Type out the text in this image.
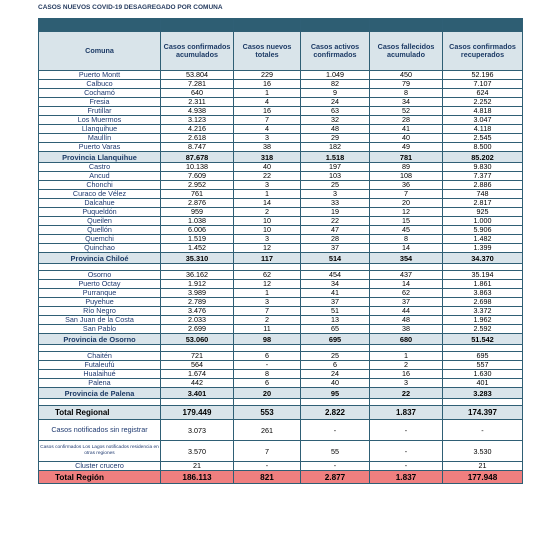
CASOS NUEVOS COVID-19 DESAGREGADO POR COMUNA

Comuna	Casos confirmados acumulados	Casos nuevos totales	Casos activos confirmados	Casos fallecidos acumulado	Casos confirmados recuperados
Puerto Montt	53.804	229	1.049	450	52.196
Calbuco	7.281	16	82	79	7.107
Cochamó	640	1	9	8	624
Fresia	2.311	4	24	34	2.252
Frutillar	4.938	16	63	52	4.818
Los Muermos	3.123	7	32	28	3.047
Llanquihue	4.216	4	48	41	4.118
Maullín	2.618	3	29	40	2.545
Puerto Varas	8.747	38	182	49	8.500
Provincia Llanquihue	87.678	318	1.518	781	85.202
Castro	10.138	40	197	89	9.830
Ancud	7.609	22	103	108	7.377
Chonchi	2.952	3	25	36	2.886
Curaco de Vélez	761	1	3	7	748
Dalcahue	2.876	14	33	20	2.817
Puqueldón	959	2	19	12	925
Queilen	1.038	10	22	15	1.000
Quellón	6.006	10	47	45	5.906
Quemchi	1.519	3	28	8	1.482
Quinchao	1.452	12	37	14	1.399
Provincia Chiloé	35.310	117	514	354	34.370

Osorno	36.162	62	454	437	35.194
Puerto Octay	1.912	12	34	14	1.861
Purranque	3.989	1	41	62	3.863
Puyehue	2.789	3	37	37	2.698
Río Negro	3.476	7	51	44	3.372
San Juan de la Costa	2.033	2	13	48	1.962
San Pablo	2.699	11	65	38	2.592
Provincia de Osorno	53.060	98	695	680	51.542

Chaitén	721	6	25	1	695
Futaleufú	564	-	6	2	557
Hualaihué	1.674	8	24	16	1.630
Palena	442	6	40	3	401
Provincia de Palena	3.401	20	95	22	3.283

Total Regional	179.449	553	2.822	1.837	174.397
Casos notificados sin registrar	3.073	261	-	-	-
Casos confirmados Los Lagos notificados residencia en otras regiones	3.570	7	55	-	3.530
Cluster crucero	21	-	-	-	21
Total Región	186.113	821	2.877	1.837	177.948
